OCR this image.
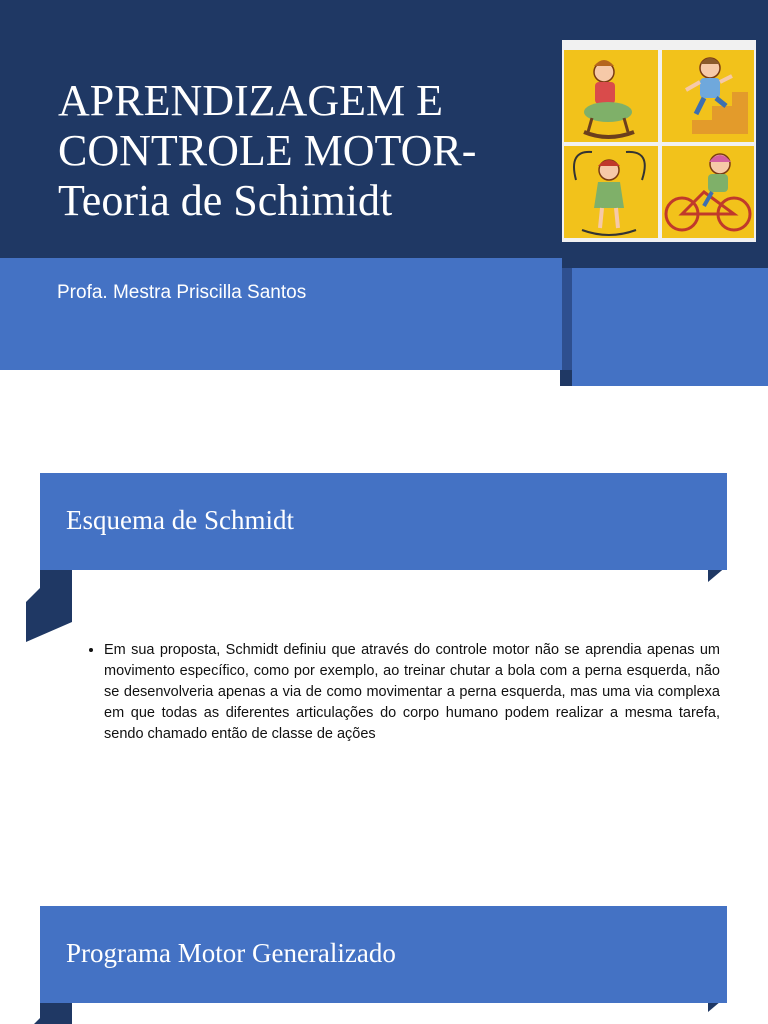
APRENDIZAGEM E
CONTROLE MOTOR-
Teoria de Schimidt
Profa. Mestra Priscilla Santos
Esquema de Schmidt
• Em sua proposta, Schmidt definiu que através do controle motor não se aprendia apenas um movimento específico, como por exemplo, ao treinar chutar a bola com a perna esquerda, não se desenvolveria apenas a via de como movimentar a perna esquerda, mas uma via complexa em que todas as diferentes articulações do corpo humano podem realizar a mesma tarefa, sendo chamado então de classe de ações
Programa Motor Generalizado
